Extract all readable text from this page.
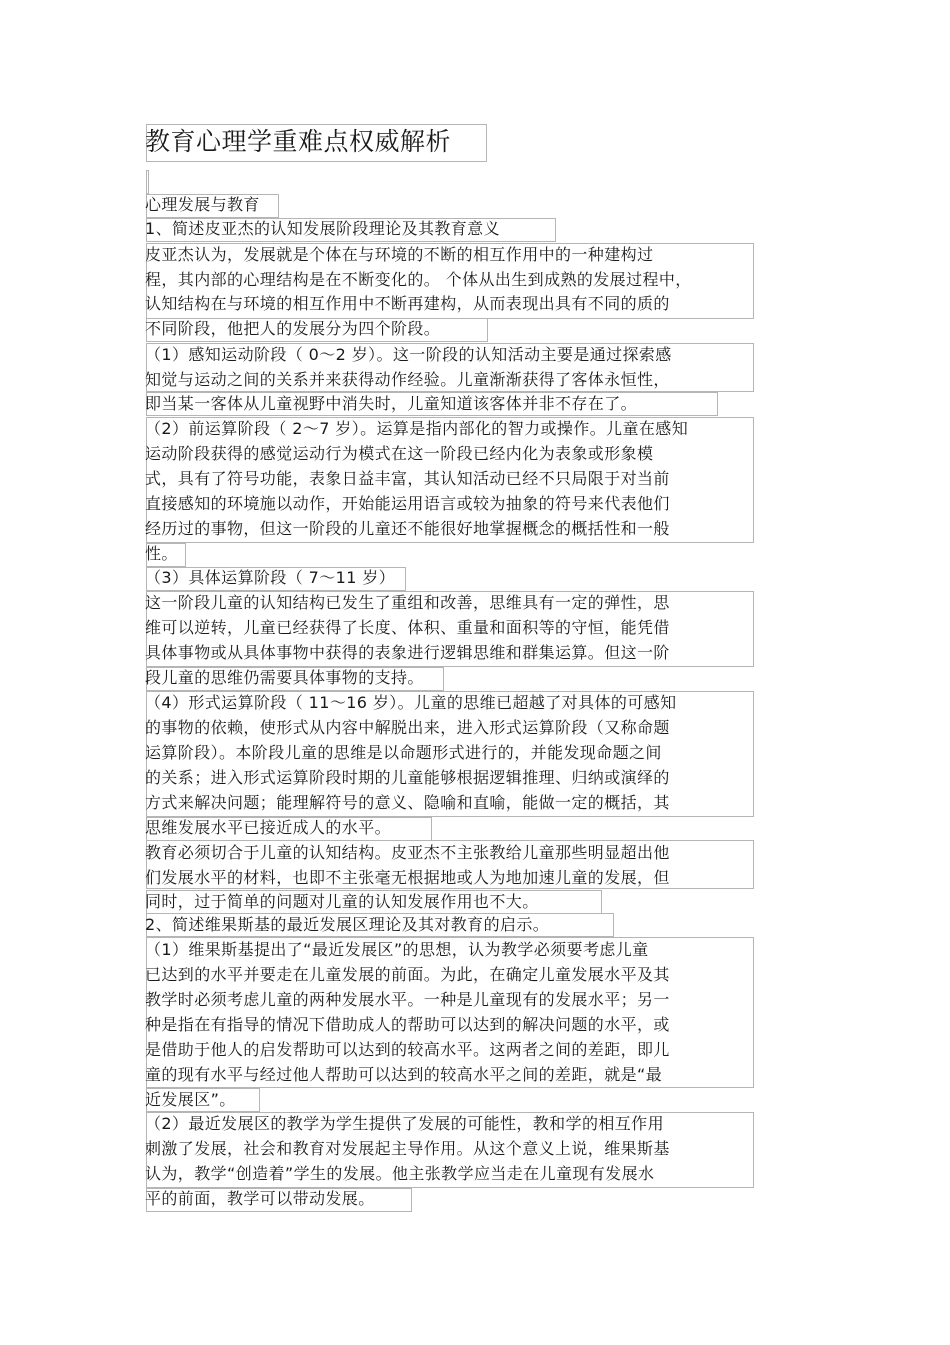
教育心理学重难点权威解析

心理发展与教育

1、简述皮亚杰的认知发展阶段理论及其教育意义

皮亚杰认为，发展就是个体在与环境的不断的相互作用中的一种建构过

程，其内部的心理结构是在不断变化的。 个体从出生到成熟的发展过程中，

认知结构在与环境的相互作用中不断再建构，从而表现出具有不同的质的

不同阶段，他把人的发展分为四个阶段。

（1）感知运动阶段（ 0～2 岁）。这一阶段的认知活动主要是通过探索感

知觉与运动之间的关系并来获得动作经验。儿童渐渐获得了客体永恒性，

即当某一客体从儿童视野中消失时，儿童知道该客体并非不存在了。

（2）前运算阶段（ 2～7 岁）。运算是指内部化的智力或操作。儿童在感知

运动阶段获得的感觉运动行为模式在这一阶段已经内化为表象或形象模

式，具有了符号功能，表象日益丰富，其认知活动已经不只局限于对当前

直接感知的环境施以动作，开始能运用语言或较为抽象的符号来代表他们

经历过的事物，但这一阶段的儿童还不能很好地掌握概念的概括性和一般

性。

（3）具体运算阶段（ 7～11 岁）

这一阶段儿童的认知结构已发生了重组和改善，思维具有一定的弹性，思

维可以逆转，儿童已经获得了长度、体积、重量和面积等的守恒，能凭借

具体事物或从具体事物中获得的表象进行逻辑思维和群集运算。但这一阶

段儿童的思维仍需要具体事物的支持。

（4）形式运算阶段（ 11～16 岁）。儿童的思维已超越了对具体的可感知

的事物的依赖，使形式从内容中解脱出来，进入形式运算阶段（又称命题

运算阶段）。本阶段儿童的思维是以命题形式进行的，并能发现命题之间

的关系；进入形式运算阶段时期的儿童能够根据逻辑推理、归纳或演绎的

方式来解决问题；能理解符号的意义、隐喻和直喻，能做一定的概括，其

思维发展水平已接近成人的水平。

教育必须切合于儿童的认知结构。皮亚杰不主张教给儿童那些明显超出他

们发展水平的材料，也即不主张毫无根据地或人为地加速儿童的发展，但

同时，过于简单的问题对儿童的认知发展作用也不大。

2、简述维果斯基的最近发展区理论及其对教育的启示。

（1）维果斯基提出了“最近发展区”的思想，认为教学必须要考虑儿童

已达到的水平并要走在儿童发展的前面。为此，在确定儿童发展水平及其

教学时必须考虑儿童的两种发展水平。一种是儿童现有的发展水平；另一

种是指在有指导的情况下借助成人的帮助可以达到的解决问题的水平，或

是借助于他人的启发帮助可以达到的较高水平。这两者之间的差距，即儿

童的现有水平与经过他人帮助可以达到的较高水平之间的差距，就是“最

近发展区”。

（2）最近发展区的教学为学生提供了发展的可能性，教和学的相互作用

刺激了发展，社会和教育对发展起主导作用。从这个意义上说，维果斯基

认为，教学“创造着”学生的发展。他主张教学应当走在儿童现有发展水

平的前面，教学可以带动发展。
